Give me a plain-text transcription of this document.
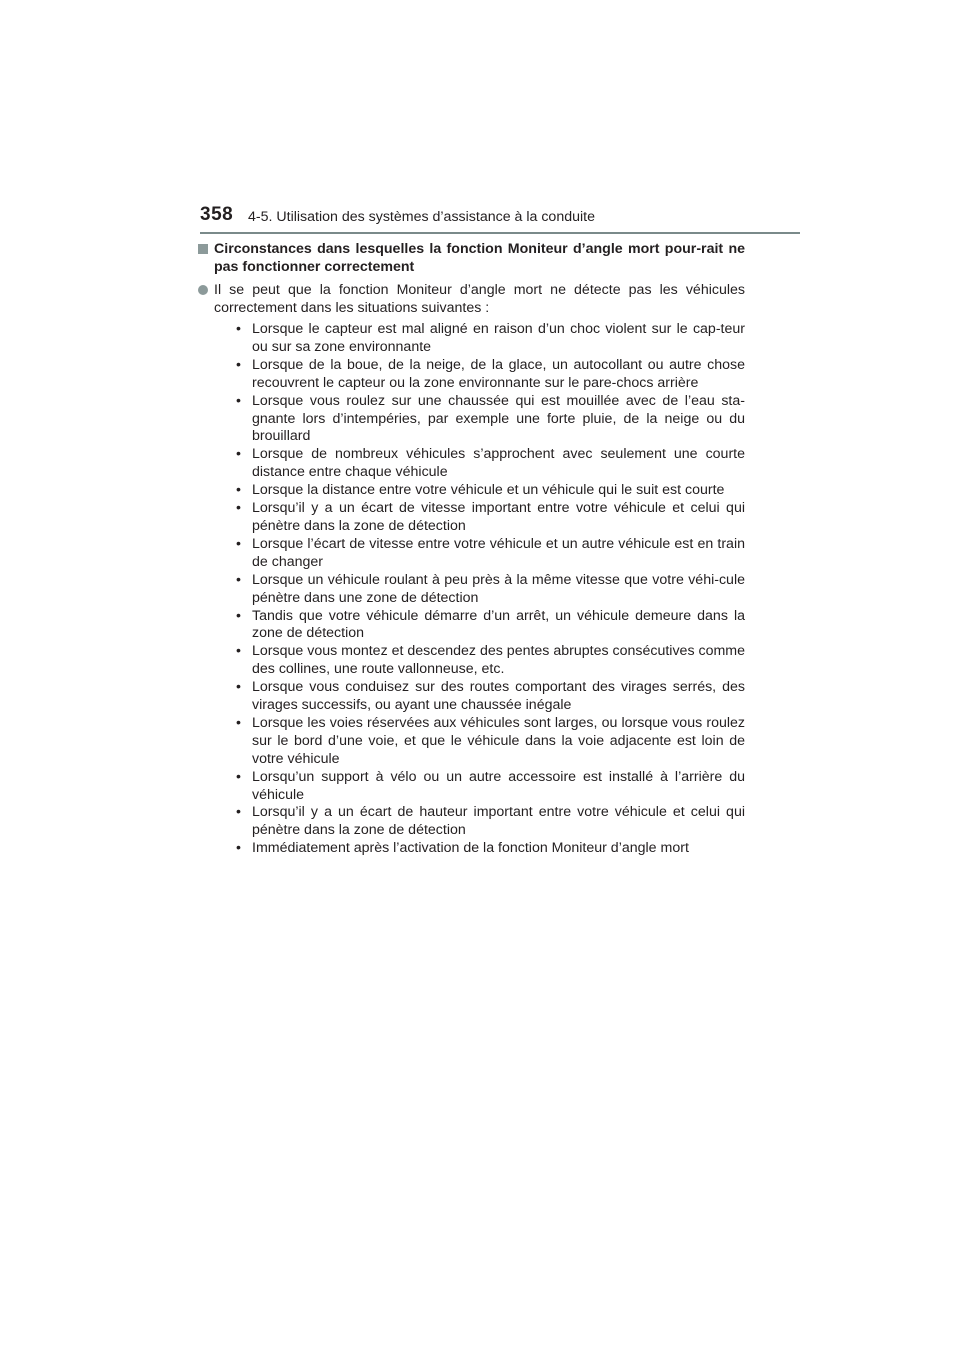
358 4-5. Utilisation des systèmes d’assistance à la conduite
Circonstances dans lesquelles la fonction Moniteur d’angle mort pour-rait ne pas fonctionner correctement
Il se peut que la fonction Moniteur d’angle mort ne détecte pas les véhicules correctement dans les situations suivantes :
• Lorsque le capteur est mal aligné en raison d’un choc violent sur le cap-teur ou sur sa zone environnante
• Lorsque de la boue, de la neige, de la glace, un autocollant ou autre chose recouvrent le capteur ou la zone environnante sur le pare-chocs arrière
• Lorsque vous roulez sur une chaussée qui est mouillée avec de l’eau sta-gnante lors d’intempéries, par exemple une forte pluie, de la neige ou du brouillard
• Lorsque de nombreux véhicules s’approchent avec seulement une courte distance entre chaque véhicule
• Lorsque la distance entre votre véhicule et un véhicule qui le suit est courte
• Lorsqu’il y a un écart de vitesse important entre votre véhicule et celui qui pénètre dans la zone de détection
• Lorsque l’écart de vitesse entre votre véhicule et un autre véhicule est en train de changer
• Lorsque un véhicule roulant à peu près à la même vitesse que votre véhi-cule pénètre dans une zone de détection
• Tandis que votre véhicule démarre d’un arrêt, un véhicule demeure dans la zone de détection
• Lorsque vous montez et descendez des pentes abruptes consécutives comme des collines, une route vallonneuse, etc.
• Lorsque vous conduisez sur des routes comportant des virages serrés, des virages successifs, ou ayant une chaussée inégale
• Lorsque les voies réservées aux véhicules sont larges, ou lorsque vous roulez sur le bord d’une voie, et que le véhicule dans la voie adjacente est loin de votre véhicule
• Lorsqu’un support à vélo ou un autre accessoire est installé à l’arrière du véhicule
• Lorsqu’il y a un écart de hauteur important entre votre véhicule et celui qui pénètre dans la zone de détection
• Immédiatement après l’activation de la fonction Moniteur d’angle mort
